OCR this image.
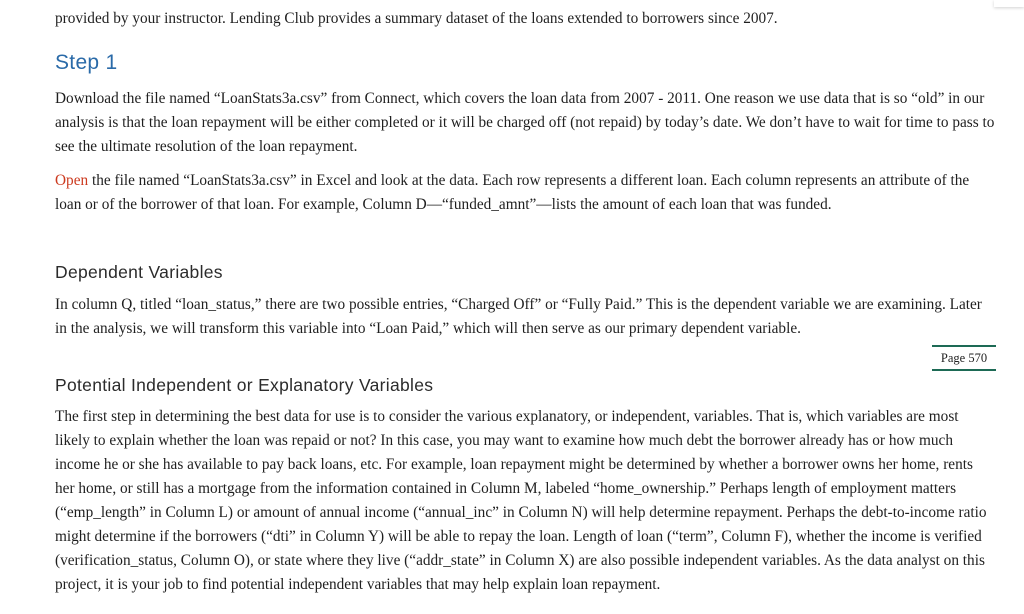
provided by your instructor. Lending Club provides a summary dataset of the loans extended to borrowers since 2007.
Step 1

Download the file named “LoanStats3a.csv” from Connect, which covers the loan data from 2007 - 2011. One reason we use data that is so “old” in our analysis is that the loan repayment will be either completed or it will be charged off (not repaid) by today’s date. We don’t have to wait for time to pass to see the ultimate resolution of the loan repayment.

Open the file named “LoanStats3a.csv” in Excel and look at the data. Each row represents a different loan. Each column represents an attribute of the loan or of the borrower of that loan. For example, Column D—“funded_amnt”—lists the amount of each loan that was funded.

Dependent Variables

In column Q, titled “loan_status,” there are two possible entries, “Charged Off” or “Fully Paid.” This is the dependent variable we are examining. Later in the analysis, we will transform this variable into “Loan Paid,” which will then serve as our primary dependent variable.

Page 570
Potential Independent or Explanatory Variables

The first step in determining the best data for use is to consider the various explanatory, or independent, variables. That is, which variables are most likely to explain whether the loan was repaid or not? In this case, you may want to examine how much debt the borrower already has or how much income he or she has available to pay back loans, etc. For example, loan repayment might be determined by whether a borrower owns her home, rents her home, or still has a mortgage from the information contained in Column M, labeled “home_ownership.” Perhaps length of employment matters (“emp_length” in Column L) or amount of annual income (“annual_inc” in Column N) will help determine repayment. Perhaps the debt-to-income ratio might determine if the borrowers (“dti” in Column Y) will be able to repay the loan. Length of loan (“term”, Column F), whether the income is verified (verification_status, Column O), or state where they live (“addr_state” in Column X) are also possible independent variables. As the data analyst on this project, it is your job to find potential independent variables that may help explain loan repayment.
